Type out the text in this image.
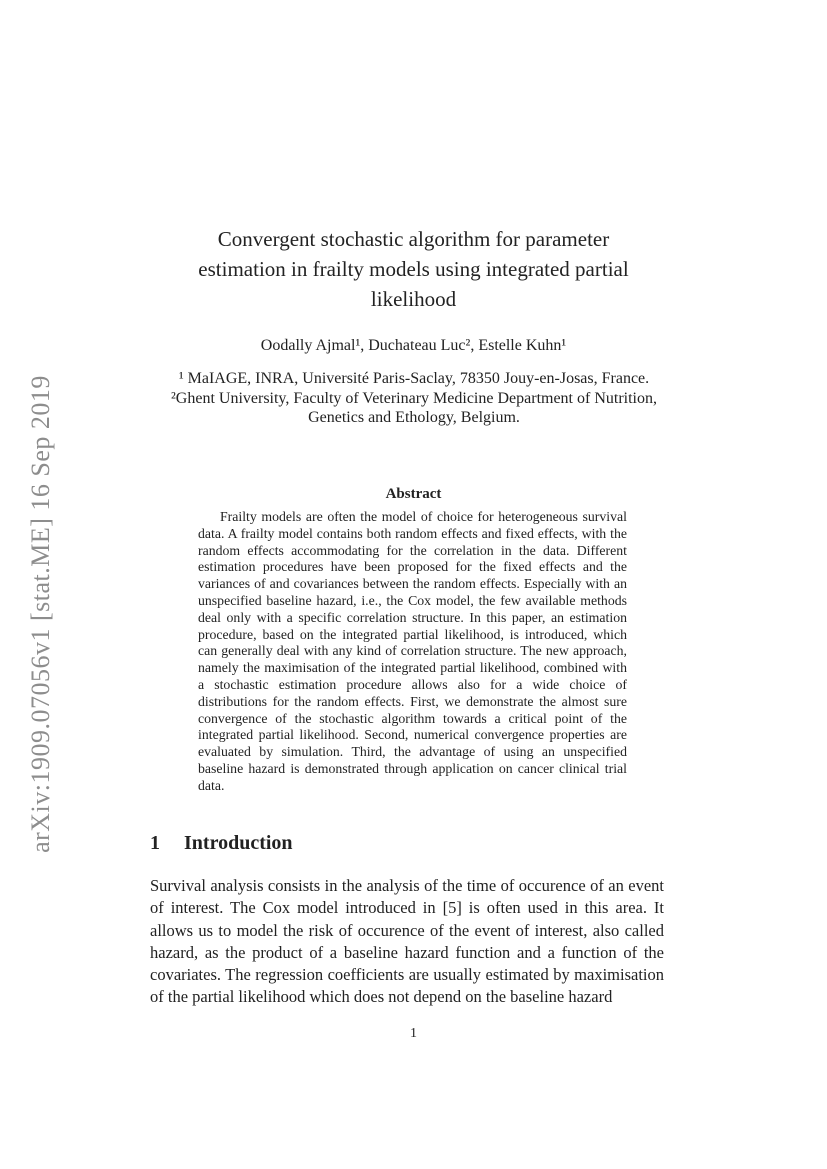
arXiv:1909.07056v1 [stat.ME] 16 Sep 2019
Convergent stochastic algorithm for parameter
estimation in frailty models using integrated partial
likelihood
Oodally Ajmal¹, Duchateau Luc², Estelle Kuhn¹

¹ MaIAGE, INRA, Université Paris-Saclay, 78350 Jouy-en-Josas, France.

²Ghent University, Faculty of Veterinary Medicine Department of Nutrition, Genetics and Ethology, Belgium.

Abstract
Frailty models are often the model of choice for heterogeneous survival data. A frailty model contains both random effects and fixed effects, with the random effects accommodating for the correlation in the data. Different estimation procedures have been proposed for the fixed effects and the variances of and covariances between the random effects. Especially with an unspecified baseline hazard, i.e., the Cox model, the few available methods deal only with a specific correlation structure. In this paper, an estimation procedure, based on the integrated partial likelihood, is introduced, which can generally deal with any kind of correlation structure. The new approach, namely the maximisation of the integrated partial likelihood, combined with a stochastic estimation procedure allows also for a wide choice of distributions for the random effects. First, we demonstrate the almost sure convergence of the stochastic algorithm towards a critical point of the integrated partial likelihood. Second, numerical convergence properties are evaluated by simulation. Third, the advantage of using an unspecified baseline hazard is demonstrated through application on cancer clinical trial data.
1 Introduction
Survival analysis consists in the analysis of the time of occurence of an event of interest. The Cox model introduced in [5] is often used in this area. It allows us to model the risk of occurence of the event of interest, also called hazard, as the product of a baseline hazard function and a function of the covariates. The regression coefficients are usually estimated by maximisation of the partial likelihood which does not depend on the baseline hazard
1
